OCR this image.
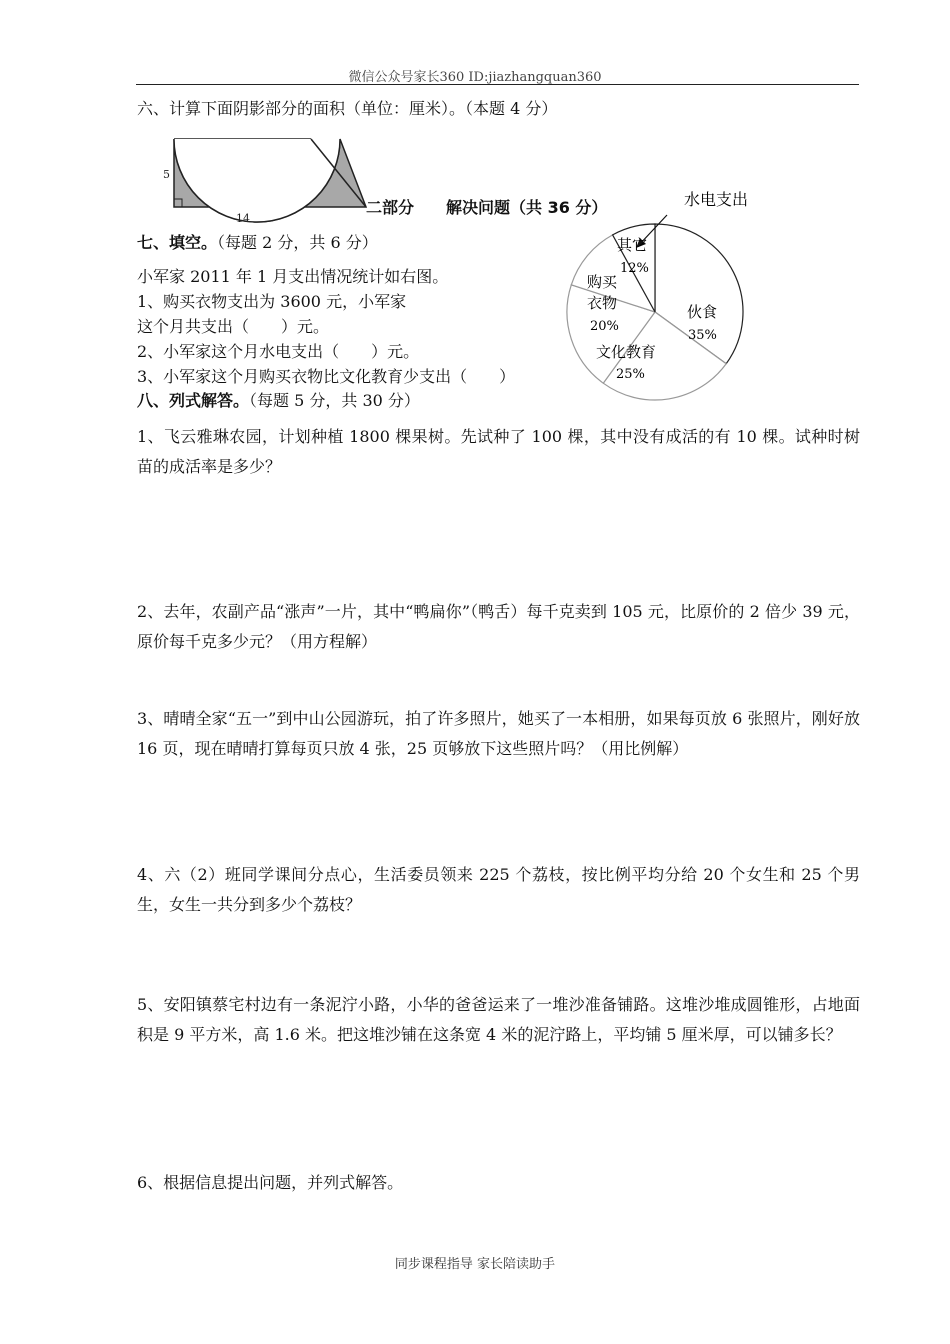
微信公众号家长360 ID:jiazhangquan360
六、计算下面阴影部分的面积（单位：厘米）。（本题 4 分）
5
14
二部分　　解决问题（共 36 分）
七、填空。（每题 2 分，共 6 分）
小军家 2011 年 1 月支出情况统计如右图。
1、购买衣物支出为 3600 元，小军家
这个月共支出（　　）元。
2、小军家这个月水电支出（　　）元。
3、小军家这个月购买衣物比文化教育少支出（　　）
水电支出
其它
12%
购买
衣物
20%
伙食
35%
文化教育
25%
八、列式解答。（每题 5 分，共 30 分）
1、飞云雅琳农园，计划种植 1800 棵果树。先试种了 100 棵，其中没有成活的有 10 棵。试种时树苗的成活率是多少？
2、去年，农副产品“涨声”一片，其中“鸭扁你”（鸭舌）每千克卖到 105 元，比原价的 2 倍少 39 元，原价每千克多少元？（用方程解）
3、晴晴全家“五一”到中山公园游玩，拍了许多照片，她买了一本相册，如果每页放 6 张照片，刚好放 16 页，现在晴晴打算每页只放 4 张，25 页够放下这些照片吗？（用比例解）
4、六（2）班同学课间分点心，生活委员领来 225 个荔枝，按比例平均分给 20 个女生和 25 个男生，女生一共分到多少个荔枝？
5、安阳镇蔡宅村边有一条泥泞小路，小华的爸爸运来了一堆沙准备铺路。这堆沙堆成圆锥形，占地面积是 9 平方米，高 1.6 米。把这堆沙铺在这条宽 4 米的泥泞路上，平均铺 5 厘米厚，可以铺多长？
6、根据信息提出问题，并列式解答。
同步课程指导 家长陪读助手
